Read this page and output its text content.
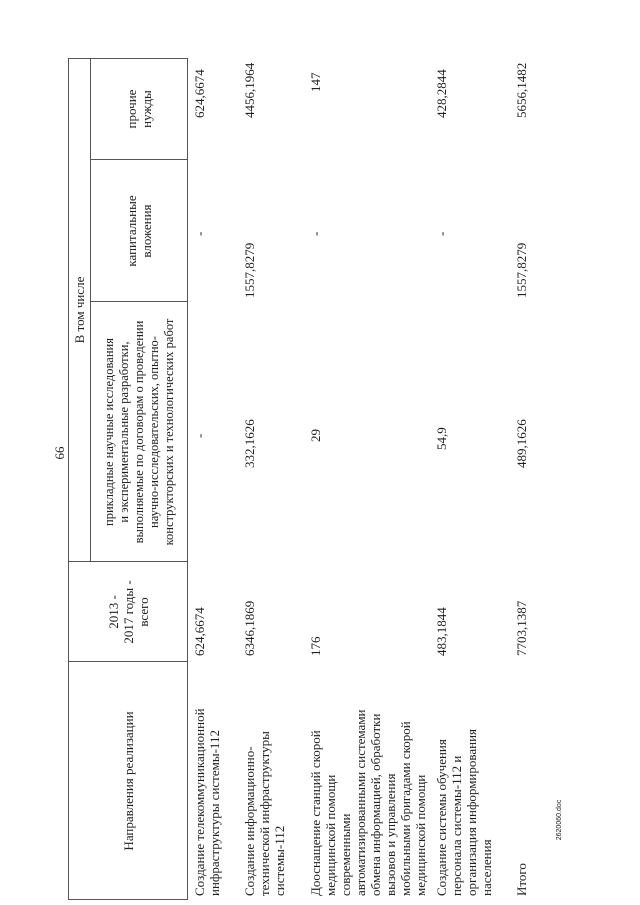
66
2620060.doc
Направления реализации
2013 -
2017 годы -
всего
В том числе
прикладные научные исследования
и экспериментальные разработки,
выполняемые по договорам о проведении
научно-исследовательских, опытно-
конструкторских и технологических работ
капитальные
вложения
прочие
нужды
Создание телекоммуникационной
инфраструктуры системы-112
624,6674
-
-
624,6674
Создание информационно-
технической инфраструктуры
системы-112
6346,1869
332,1626
1557,8279
4456,1964
Дооснащение станций скорой
медицинской помощи
современными
автоматизированными системами
обмена информацией, обработки
вызовов и управления
мобильными бригадами скорой
медицинской помощи
176
29
-
147
Создание системы обучения
персонала системы-112 и
организация информирования
населения
483,1844
54,9
-
428,2844
Итого
7703,1387
489,1626
1557,8279
5656,1482
